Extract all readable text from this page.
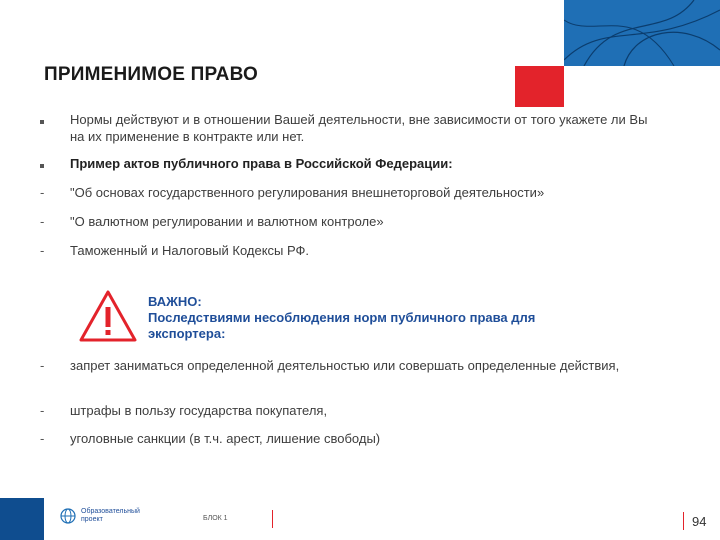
ПРИМЕНИМОЕ ПРАВО
Нормы действуют и в отношении Вашей деятельности, вне зависимости от того укажете ли Вы на их применение в контракте или нет.
Пример актов публичного права в Российской Федерации:
- "Об основах государственного регулирования внешнеторговой деятельности»
- "О валютном регулировании и валютном контроле»
- Таможенный и Налоговый Кодексы РФ.
ВАЖНО:
Последствиями несоблюдения норм публичного права для экспортера:
- запрет заниматься определенной деятельностью или совершать определенные действия,
- штрафы в пользу государства покупателя,
- уголовные санкции (в т.ч. арест, лишение свободы)
Образовательный проект	БЛОК 1	94
